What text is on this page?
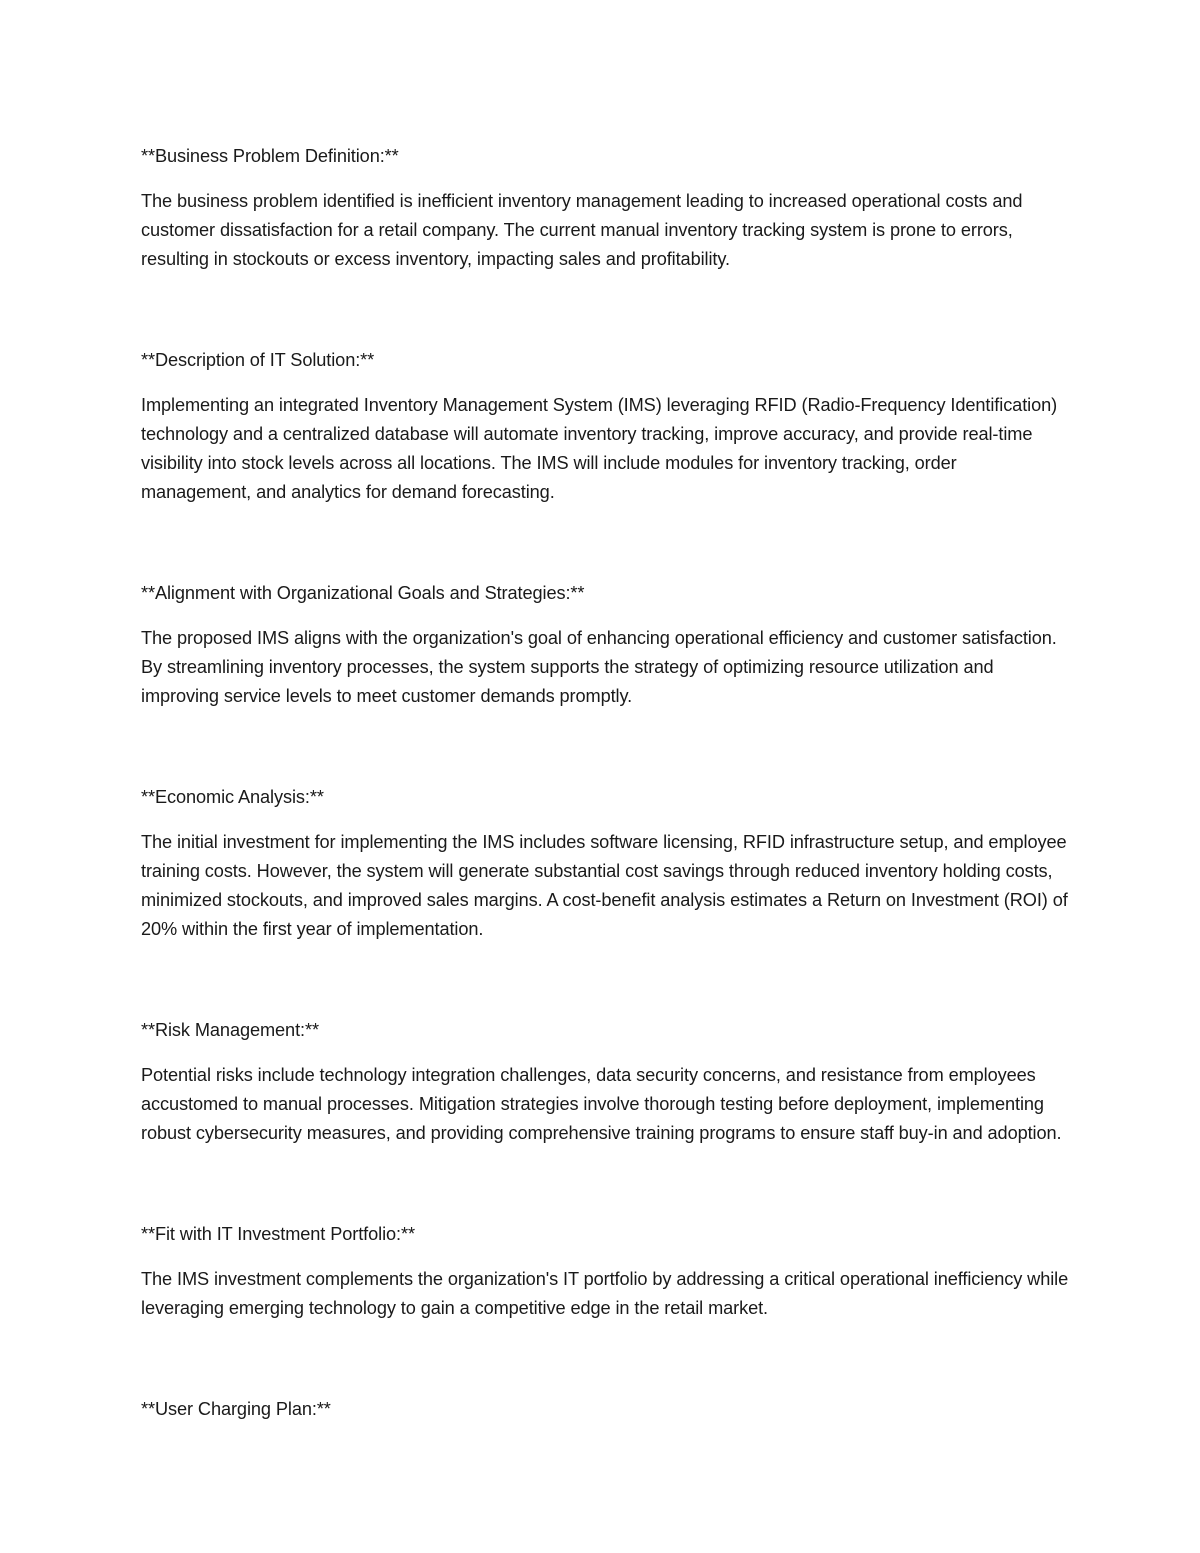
**Business Problem Definition:**

The business problem identified is inefficient inventory management leading to increased operational costs and customer dissatisfaction for a retail company. The current manual inventory tracking system is prone to errors, resulting in stockouts or excess inventory, impacting sales and profitability.

**Description of IT Solution:**

Implementing an integrated Inventory Management System (IMS) leveraging RFID (Radio-Frequency Identification) technology and a centralized database will automate inventory tracking, improve accuracy, and provide real-time visibility into stock levels across all locations. The IMS will include modules for inventory tracking, order management, and analytics for demand forecasting.

**Alignment with Organizational Goals and Strategies:**

The proposed IMS aligns with the organization's goal of enhancing operational efficiency and customer satisfaction. By streamlining inventory processes, the system supports the strategy of optimizing resource utilization and improving service levels to meet customer demands promptly.

**Economic Analysis:**

The initial investment for implementing the IMS includes software licensing, RFID infrastructure setup, and employee training costs. However, the system will generate substantial cost savings through reduced inventory holding costs, minimized stockouts, and improved sales margins. A cost-benefit analysis estimates a Return on Investment (ROI) of 20% within the first year of implementation.

**Risk Management:**

Potential risks include technology integration challenges, data security concerns, and resistance from employees accustomed to manual processes. Mitigation strategies involve thorough testing before deployment, implementing robust cybersecurity measures, and providing comprehensive training programs to ensure staff buy-in and adoption.

**Fit with IT Investment Portfolio:**

The IMS investment complements the organization's IT portfolio by addressing a critical operational inefficiency while leveraging emerging technology to gain a competitive edge in the retail market.

**User Charging Plan:**
